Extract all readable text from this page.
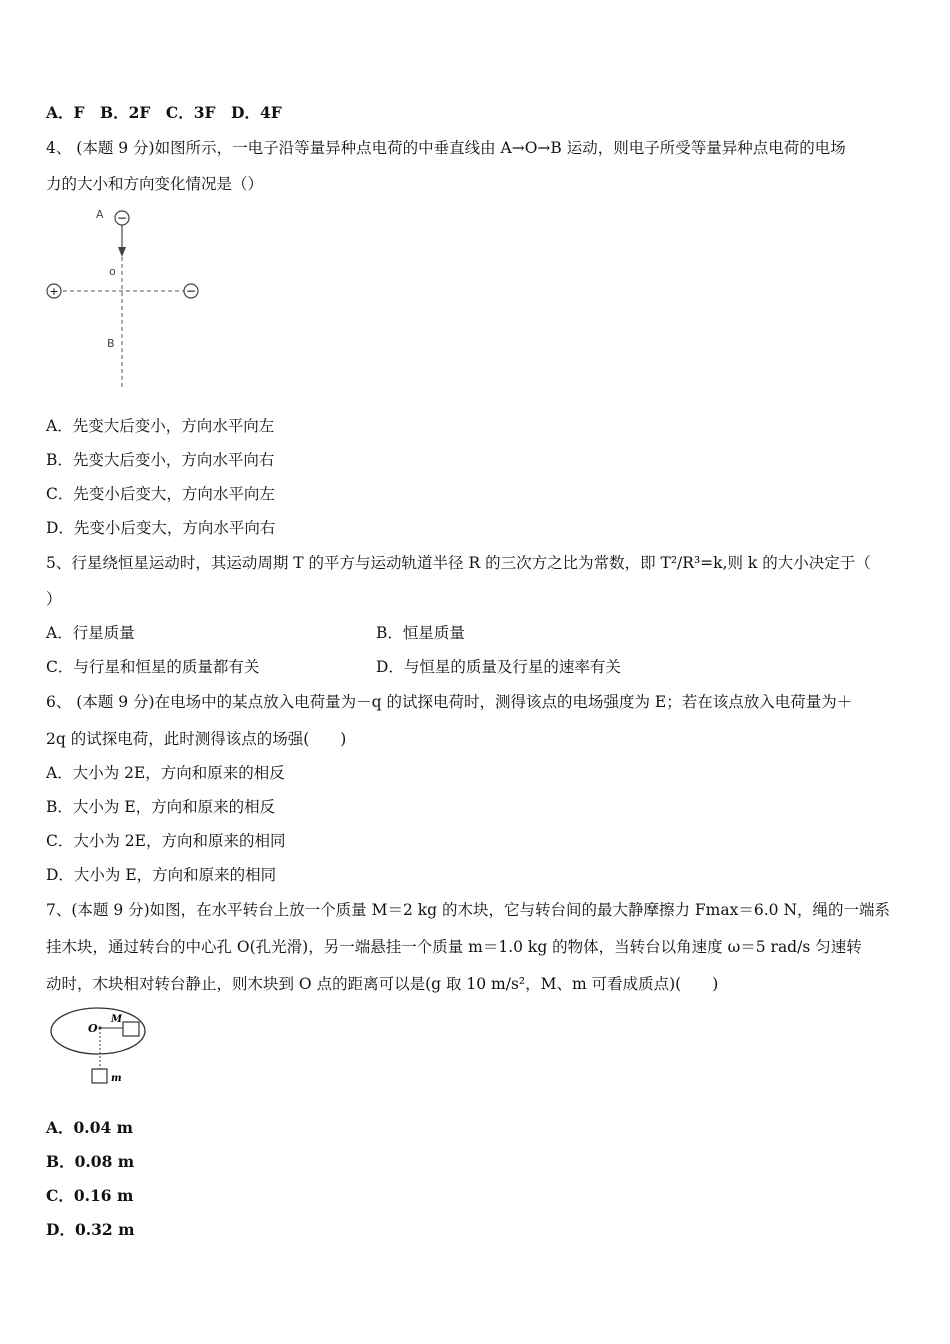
A．F　B．2F　C．3F　D．4F
4、 (本题 9 分)如图所示，一电子沿等量异种点电荷的中垂直线由 A→O→B 运动，则电子所受等量异种点电荷的电场
力的大小和方向变化情况是（）
−
A
o
B
+	−
A．先变大后变小，方向水平向左
B．先变大后变小，方向水平向右
C．先变小后变大，方向水平向左
D．先变小后变大，方向水平向右
5、行星绕恒星运动时，其运动周期 T 的平方与运动轨道半径 R 的三次方之比为常数，即 T²/R³=k,则 k 的大小决定于（
）
A．行星质量	B．恒星质量
C．与行星和恒星的质量都有关	D．与恒星的质量及行星的速率有关
6、 (本题 9 分)在电场中的某点放入电荷量为－q 的试探电荷时，测得该点的电场强度为 E；若在该点放入电荷量为＋
2q 的试探电荷，此时测得该点的场强(　　)
A．大小为 2E，方向和原来的相反
B．大小为 E，方向和原来的相反
C．大小为 2E，方向和原来的相同
D．大小为 E，方向和原来的相同
7、(本题 9 分)如图，在水平转台上放一个质量 M＝2 kg 的木块，它与转台间的最大静摩擦力 Fmax＝6.0 N，绳的一端系
挂木块，通过转台的中心孔 O(孔光滑)，另一端悬挂一个质量 m＝1.0 kg 的物体，当转台以角速度 ω＝5 rad/s 匀速转
动时，木块相对转台静止，则木块到 O 点的距离可以是(g 取 10 m/s²，M、m 可看成质点)(　　)
O
M
m
A．0.04 m
B．0.08 m
C．0.16 m
D．0.32 m
